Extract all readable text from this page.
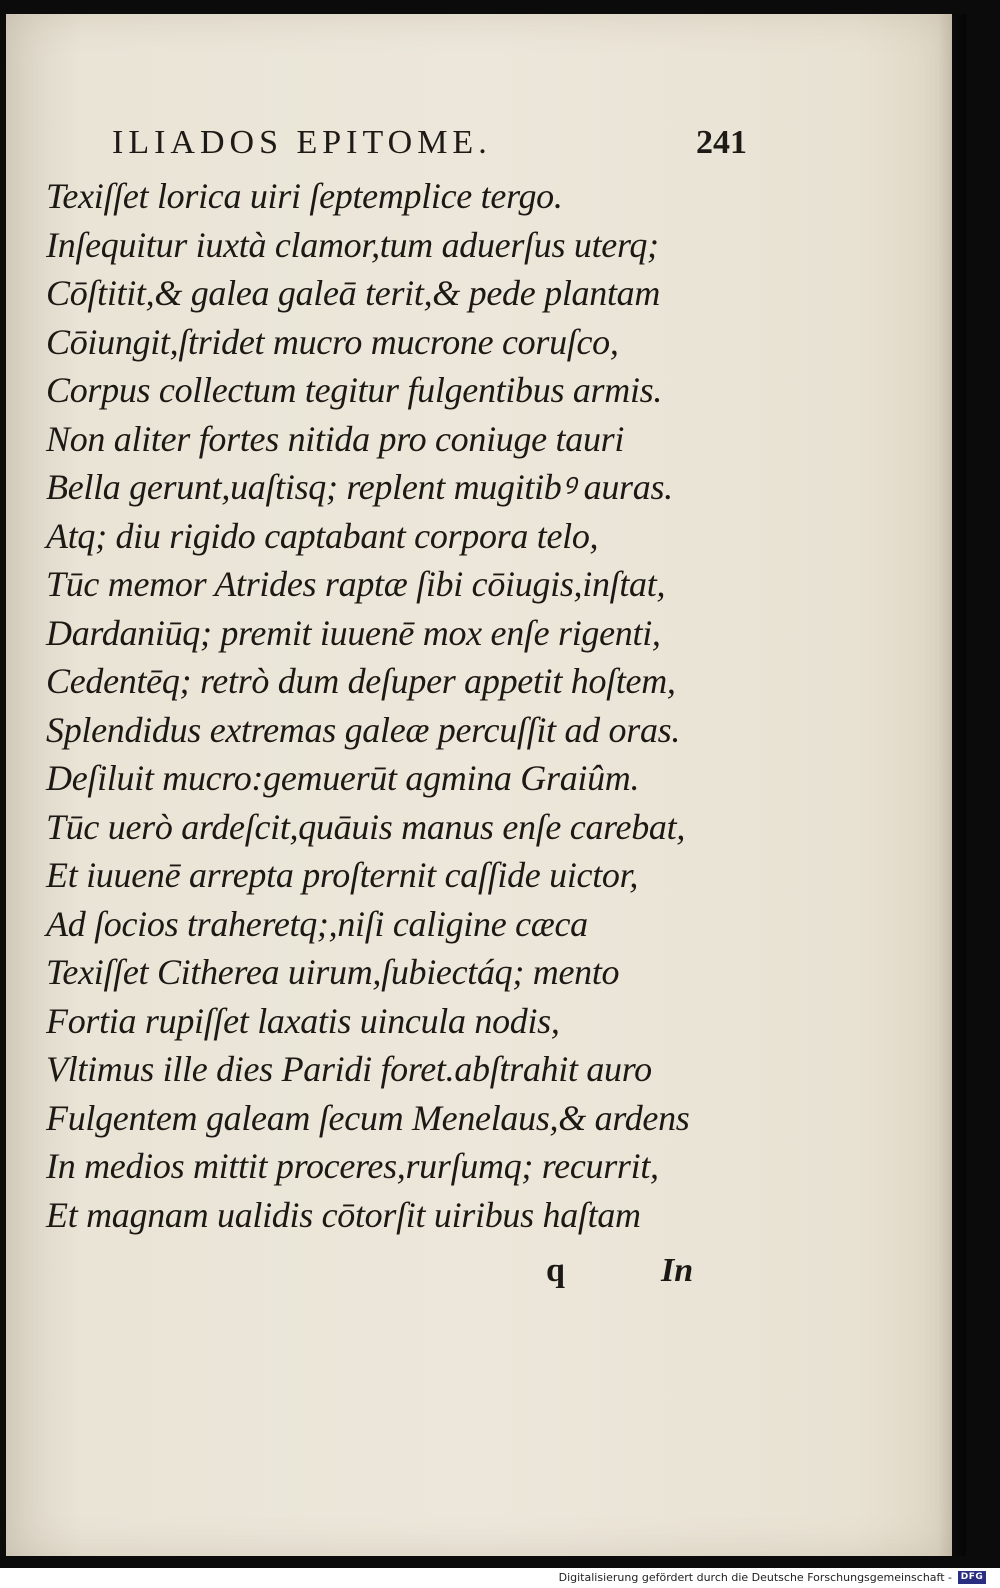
ILIADOS EPITOME.	241
Texiſſet lorica uiri ſeptemplice tergo.
Inſequitur iuxtà clamor,tum aduerſus uterq;
Cōſtitit,& galea galeā terit,& pede plantam
Cōiungit,ſtridet mucro mucrone coruſco,
Corpus collectum tegitur fulgentibus armis.
Non aliter fortes nitida pro coniuge tauri
Bella gerunt,uaſtisq; replent mugitibꝰ auras.
Atq; diu rigido captabant corpora telo,
Tūc memor Atrides raptæ ſibi cōiugis,inſtat,
Dardaniūq; premit iuuenē mox enſe rigenti,
Cedentēq; retrò dum deſuper appetit hoſtem,
Splendidus extremas galeæ percuſſit ad oras.
Deſiluit mucro:gemuerūt agmina Graiûm.
Tūc uerò ardeſcit,quāuis manus enſe carebat,
Et iuuenē arrepta proſternit caſſide uictor,
Ad ſocios traheretq;,niſi caligine cæca
Texiſſet Citherea uirum,ſubiectáq; mento
Fortia rupiſſet laxatis uincula nodis,
Vltimus ille dies Paridi foret.abſtrahit auro
Fulgentem galeam ſecum Menelaus,& ardens
In medios mittit proceres,rurſumq; recurrit,
Et magnam ualidis cōtorſit uiribus haſtam
q	In
Digitalisierung gefördert durch die Deutsche Forschungsgemeinschaft - DFG
